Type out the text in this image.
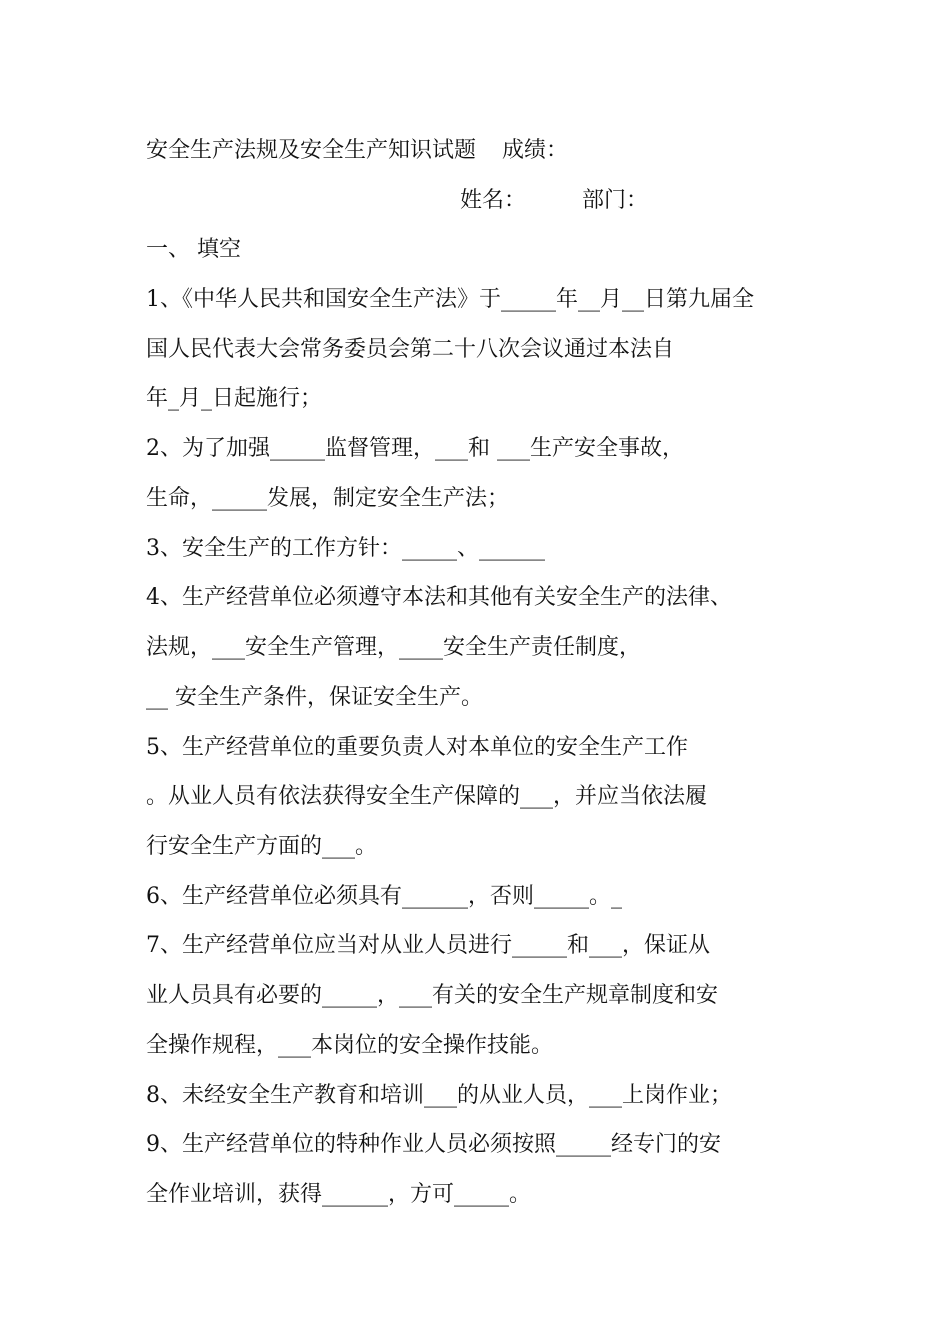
安全生产法规及安全生产知识试题 成绩：
姓名：	部门：
一、 填空
1、《中华人民共和国安全生产法》于_____年__月__日第九届全
国人民代表大会常务委员会第二十八次会议通过本法自
年_月_日起施行；
2、为了加强_____监督管理，___和 ___生产安全事故，
生命，_____发展，制定安全生产法；
3、安全生产的工作方针：_____、______
4、生产经营单位必须遵守本法和其他有关安全生产的法律、
法规，___安全生产管理，____安全生产责任制度，
__ 安全生产条件，保证安全生产。
5、生产经营单位的重要负责人对本单位的安全生产工作
。从业人员有依法获得安全生产保障的___，并应当依法履
行安全生产方面的___。
6、生产经营单位必须具有______，否则_____。_
7、生产经营单位应当对从业人员进行_____和___，保证从
业人员具有必要的_____，___有关的安全生产规章制度和安
全操作规程，___本岗位的安全操作技能。
8、未经安全生产教育和培训___的从业人员，___上岗作业；
9、生产经营单位的特种作业人员必须按照_____经专门的安
全作业培训，获得______，方可_____。
